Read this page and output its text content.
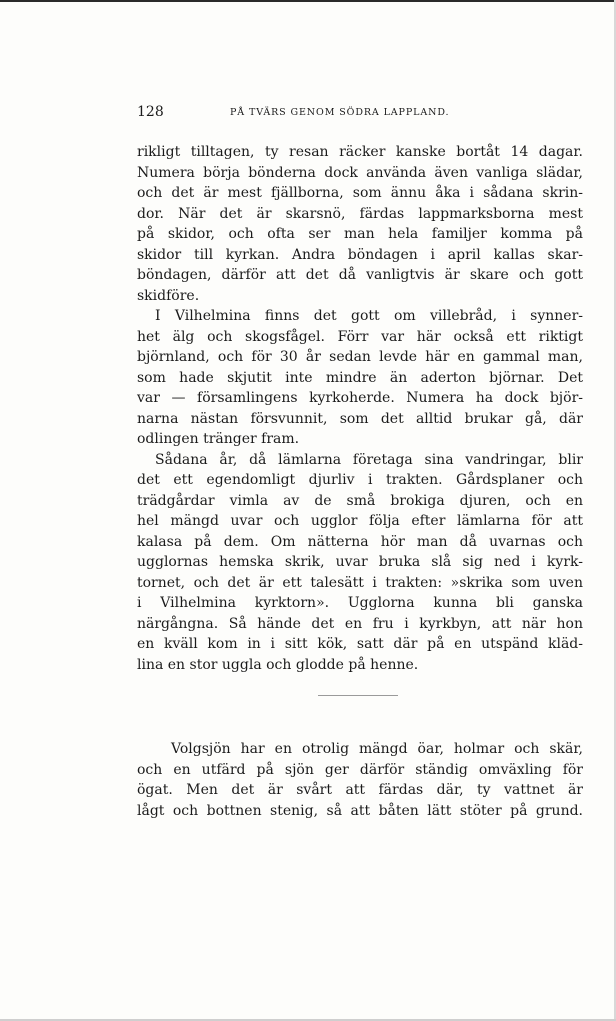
128	PÅ TVÄRS GENOM SÖDRA LAPPLAND.
rikligt tilltagen, ty resan räcker kanske bortåt 14 dagar.
Numera börja bönderna dock använda även vanliga slädar,
och det är mest fjällborna, som ännu åka i sådana skrin-
dor. När det är skarsnö, färdas lappmarksborna mest
på skidor, och ofta ser man hela familjer komma på
skidor till kyrkan. Andra böndagen i april kallas skar-
böndagen, därför att det då vanligtvis är skare och gott
skidföre.
I Vilhelmina finns det gott om villebråd, i synner-
het älg och skogsfågel. Förr var här också ett riktigt
björnland, och för 30 år sedan levde här en gammal man,
som hade skjutit inte mindre än aderton björnar. Det
var — församlingens kyrkoherde. Numera ha dock björ-
narna nästan försvunnit, som det alltid brukar gå, där
odlingen tränger fram.
Sådana år, då lämlarna företaga sina vandringar, blir
det ett egendomligt djurliv i trakten. Gårdsplaner och
trädgårdar vimla av de små brokiga djuren, och en
hel mängd uvar och ugglor följa efter lämlarna för att
kalasa på dem. Om nätterna hör man då uvarnas och
ugglornas hemska skrik, uvar bruka slå sig ned i kyrk-
tornet, och det är ett talesätt i trakten: »skrika som uven
i Vilhelmina kyrktorn». Ugglorna kunna bli ganska
närgångna. Så hände det en fru i kyrkbyn, att när hon
en kväll kom in i sitt kök, satt där på en utspänd kläd-
lina en stor uggla och glodde på henne.
Volgsjön har en otrolig mängd öar, holmar och skär,
och en utfärd på sjön ger därför ständig omväxling för
ögat. Men det är svårt att färdas där, ty vattnet är
lågt och bottnen stenig, så att båten lätt stöter på grund.
